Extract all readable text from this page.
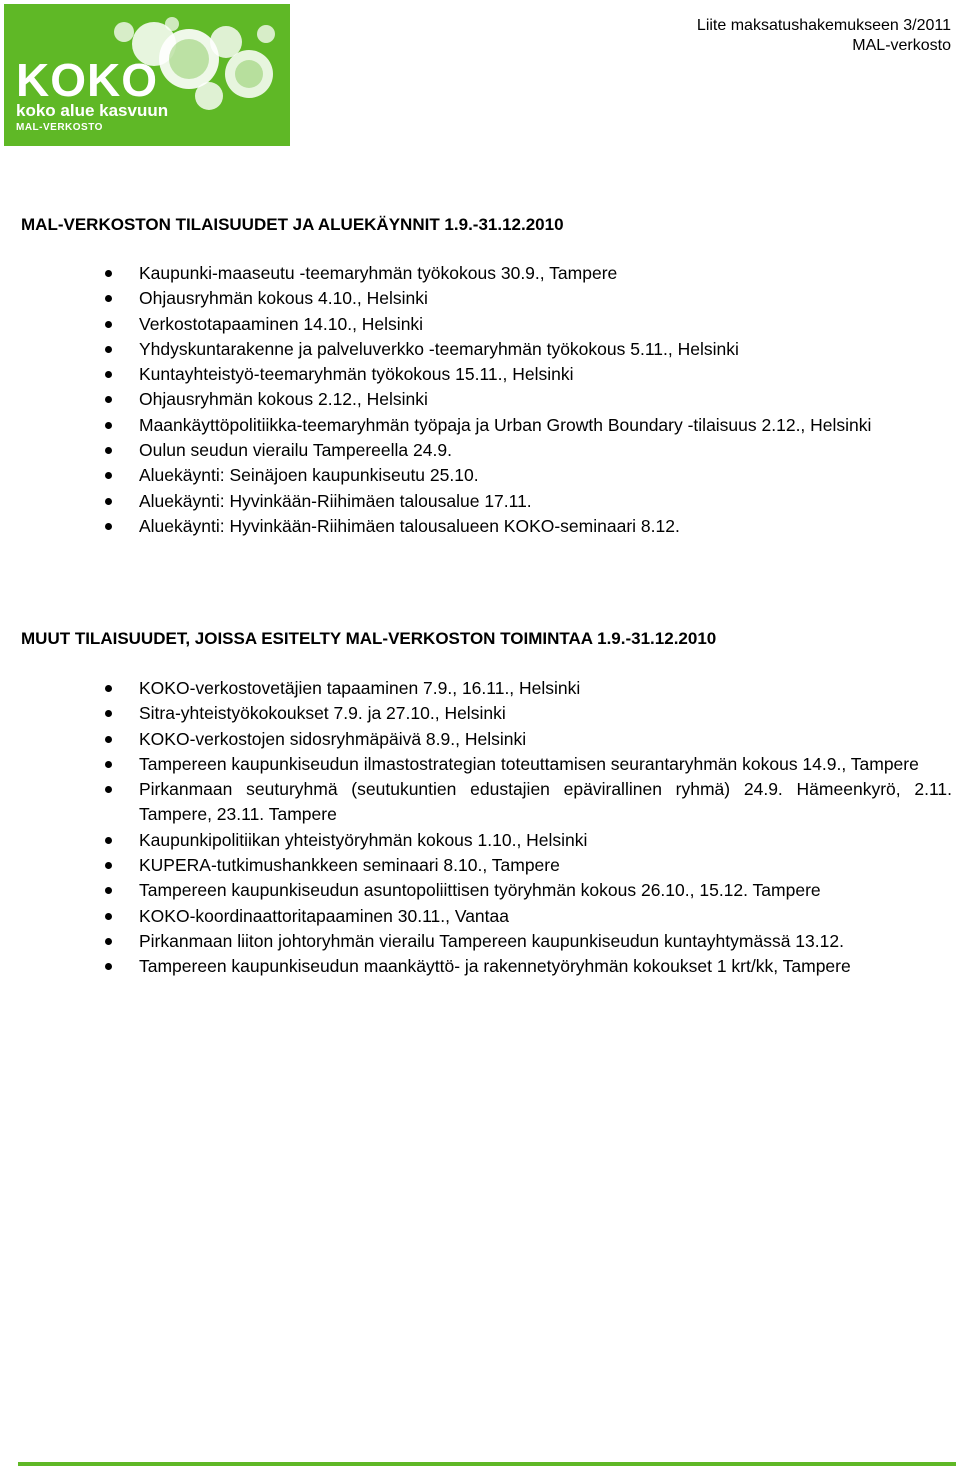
KOKO
koko alue kasvuun
MAL-VERKOSTO
Liite maksatushakemukseen 3/2011
MAL-verkosto
MAL-VERKOSTON TILAISUUDET JA ALUEKÄYNNIT 1.9.-31.12.2010
Kaupunki-maaseutu -teemaryhmän työkokous 30.9., Tampere
Ohjausryhmän kokous 4.10., Helsinki
Verkostotapaaminen 14.10., Helsinki
Yhdyskuntarakenne ja palveluverkko -teemaryhmän työkokous 5.11., Helsinki
Kuntayhteistyö-teemaryhmän työkokous 15.11., Helsinki
Ohjausryhmän kokous 2.12., Helsinki
Maankäyttöpolitiikka-teemaryhmän työpaja ja Urban Growth Boundary -tilaisuus 2.12., Helsinki
Oulun seudun vierailu Tampereella 24.9.
Aluekäynti: Seinäjoen kaupunkiseutu 25.10.
Aluekäynti: Hyvinkään-Riihimäen talousalue 17.11.
Aluekäynti: Hyvinkään-Riihimäen talousalueen KOKO-seminaari 8.12.
MUUT TILAISUUDET, JOISSA ESITELTY MAL-VERKOSTON TOIMINTAA 1.9.-31.12.2010
KOKO-verkostovetäjien tapaaminen 7.9., 16.11., Helsinki
Sitra-yhteistyökokoukset 7.9. ja 27.10., Helsinki
KOKO-verkostojen sidosryhmäpäivä 8.9., Helsinki
Tampereen kaupunkiseudun ilmastostrategian toteuttamisen seurantaryhmän kokous 14.9., Tampere
Pirkanmaan seuturyhmä (seutukuntien edustajien epävirallinen ryhmä) 24.9. Hämeenkyrö, 2.11. Tampere, 23.11. Tampere
Kaupunkipolitiikan yhteistyöryhmän kokous 1.10., Helsinki
KUPERA-tutkimushankkeen seminaari 8.10., Tampere
Tampereen kaupunkiseudun asuntopoliittisen työryhmän kokous 26.10., 15.12. Tampere
KOKO-koordinaattoritapaaminen 30.11., Vantaa
Pirkanmaan liiton johtoryhmän vierailu Tampereen kaupunkiseudun kuntayhtymässä 13.12.
Tampereen kaupunkiseudun maankäyttö- ja rakennetyöryhmän kokoukset 1 krt/kk, Tampere
